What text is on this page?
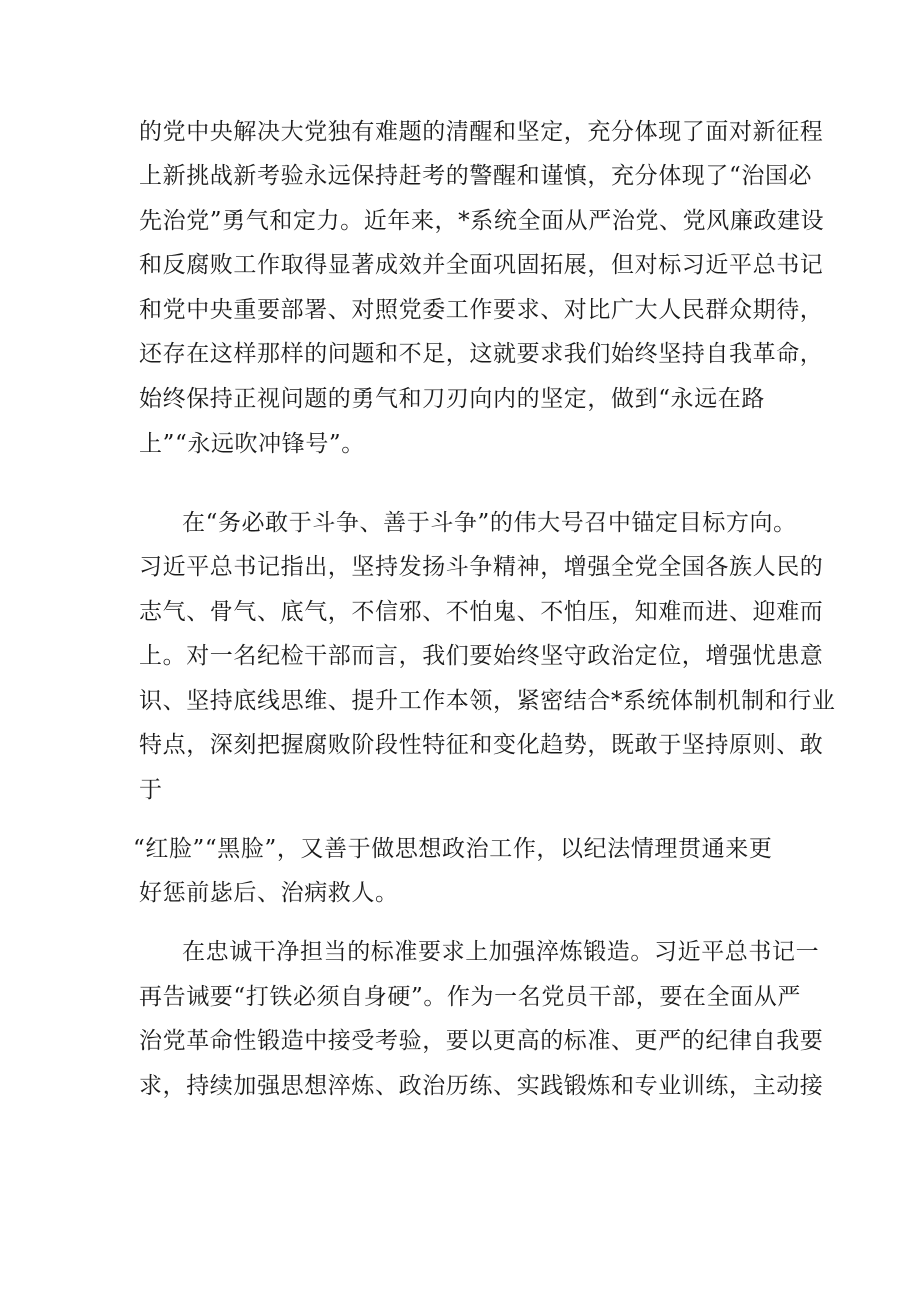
的党中央解决大党独有难题的清醒和坚定，充分体现了面对新征程
上新挑战新考验永远保持赶考的警醒和谨慎，充分体现了“治国必
先治党”勇气和定力。近年来，*系统全面从严治党、党风廉政建设
和反腐败工作取得显著成效并全面巩固拓展，但对标习近平总书记
和党中央重要部署、对照党委工作要求、对比广大人民群众期待，
还存在这样那样的问题和不足，这就要求我们始终坚持自我革命，
始终保持正视问题的勇气和刀刃向内的坚定，做到“永远在路
上”“永远吹冲锋号”。
在“务必敢于斗争、善于斗争”的伟大号召中锚定目标方向。
习近平总书记指出，坚持发扬斗争精神，增强全党全国各族人民的
志气、骨气、底气，不信邪、不怕鬼、不怕压，知难而进、迎难而
上。对一名纪检干部而言，我们要始终坚守政治定位，增强忧患意
识、坚持底线思维、提升工作本领，紧密结合*系统体制机制和行业
特点，深刻把握腐败阶段性特征和变化趋势，既敢于坚持原则、敢
于
“红脸”“黑脸”，又善于做思想政治工作，以纪法情理贯通来更
好惩前毖后、治病救人。
在忠诚干净担当的标准要求上加强淬炼锻造。习近平总书记一
再告诫要“打铁必须自身硬”。作为一名党员干部，要在全面从严
治党革命性锻造中接受考验，要以更高的标准、更严的纪律自我要
求，持续加强思想淬炼、政治历练、实践锻炼和专业训练，主动接
